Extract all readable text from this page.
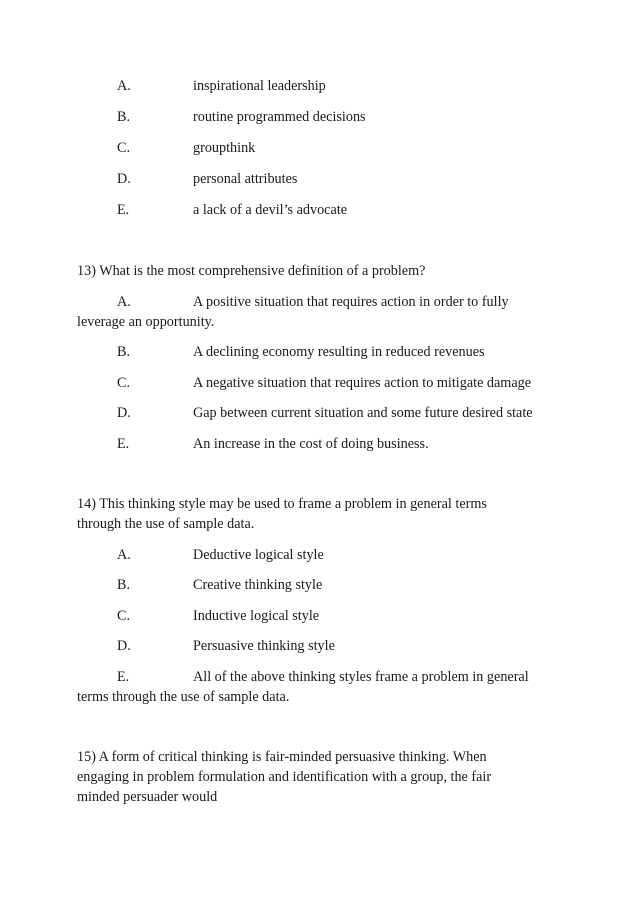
A.	inspirational leadership
B.	routine programmed decisions
C.	groupthink
D.	personal attributes
E.	a lack of a devil’s advocate
13) What is the most comprehensive definition of a problem?
A.	A positive situation that requires action in order to fully
leverage an opportunity.
B.	A declining economy resulting in reduced revenues
C.	A negative situation that requires action to mitigate damage
D.	Gap between current situation and some future desired state
E.	An increase in the cost of doing business.
14) This thinking style may be used to frame a problem in general terms
through the use of sample data.
A.	Deductive logical style
B.	Creative thinking style
C.	Inductive logical style
D.	Persuasive thinking style
E.	All of the above thinking styles frame a problem in general
terms through the use of sample data.
15) A form of critical thinking is fair-minded persuasive thinking. When
engaging in problem formulation and identification with a group, the fair
minded persuader would
